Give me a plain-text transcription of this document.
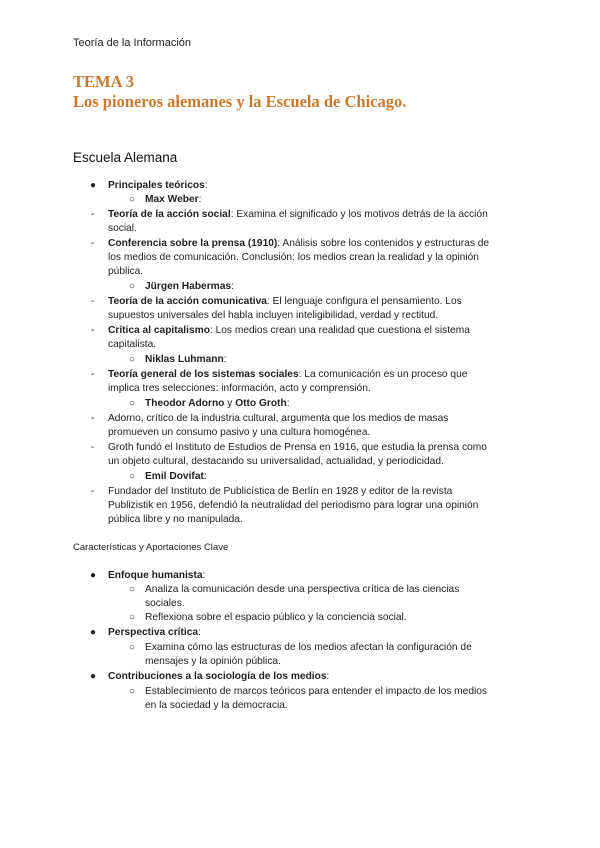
Teoría de la Información
TEMA 3
Los pioneros alemanes y la Escuela de Chicago.
Escuela Alemana
● Principales teóricos:
○ Max Weber:
- Teoría de la acción social: Examina el significado y los motivos detrás de la acción
social.
- Conferencia sobre la prensa (1910): Análisis sobre los contenidos y estructuras de
los medios de comunicación. Conclusión: los medios crean la realidad y la opinión
pública.
○ Jürgen Habermas:
- Teoría de la acción comunicativa: El lenguaje configura el pensamiento. Los
supuestos universales del habla incluyen inteligibilidad, verdad y rectitud.
- Crítica al capitalismo: Los medios crean una realidad que cuestiona el sistema
capitalista.
○ Niklas Luhmann:
- Teoría general de los sistemas sociales: La comunicación es un proceso que
implica tres selecciones: información, acto y comprensión.
○ Theodor Adorno y Otto Groth:
- Adorno, crítico de la industria cultural, argumenta que los medios de masas
promueven un consumo pasivo y una cultura homogénea.
- Groth fundó el Instituto de Estudios de Prensa en 1916, que estudia la prensa como
un objeto cultural, destacando su universalidad, actualidad, y periodicidad.
○ Emil Dovifat:
- Fundador del Instituto de Publicística de Berlín en 1928 y editor de la revista
Publizistik en 1956, defendió la neutralidad del periodismo para lograr una opinión
pública libre y no manipulada.
Características y Aportaciones Clave
● Enfoque humanista:
○ Analiza la comunicación desde una perspectiva crítica de las ciencias
sociales.
○ Reflexiona sobre el espacio público y la conciencia social.
● Perspectiva crítica:
○ Examina cómo las estructuras de los medios afectan la configuración de
mensajes y la opinión pública.
● Contribuciones a la sociología de los medios:
○ Establecimiento de marcos teóricos para entender el impacto de los medios
en la sociedad y la democracia.
